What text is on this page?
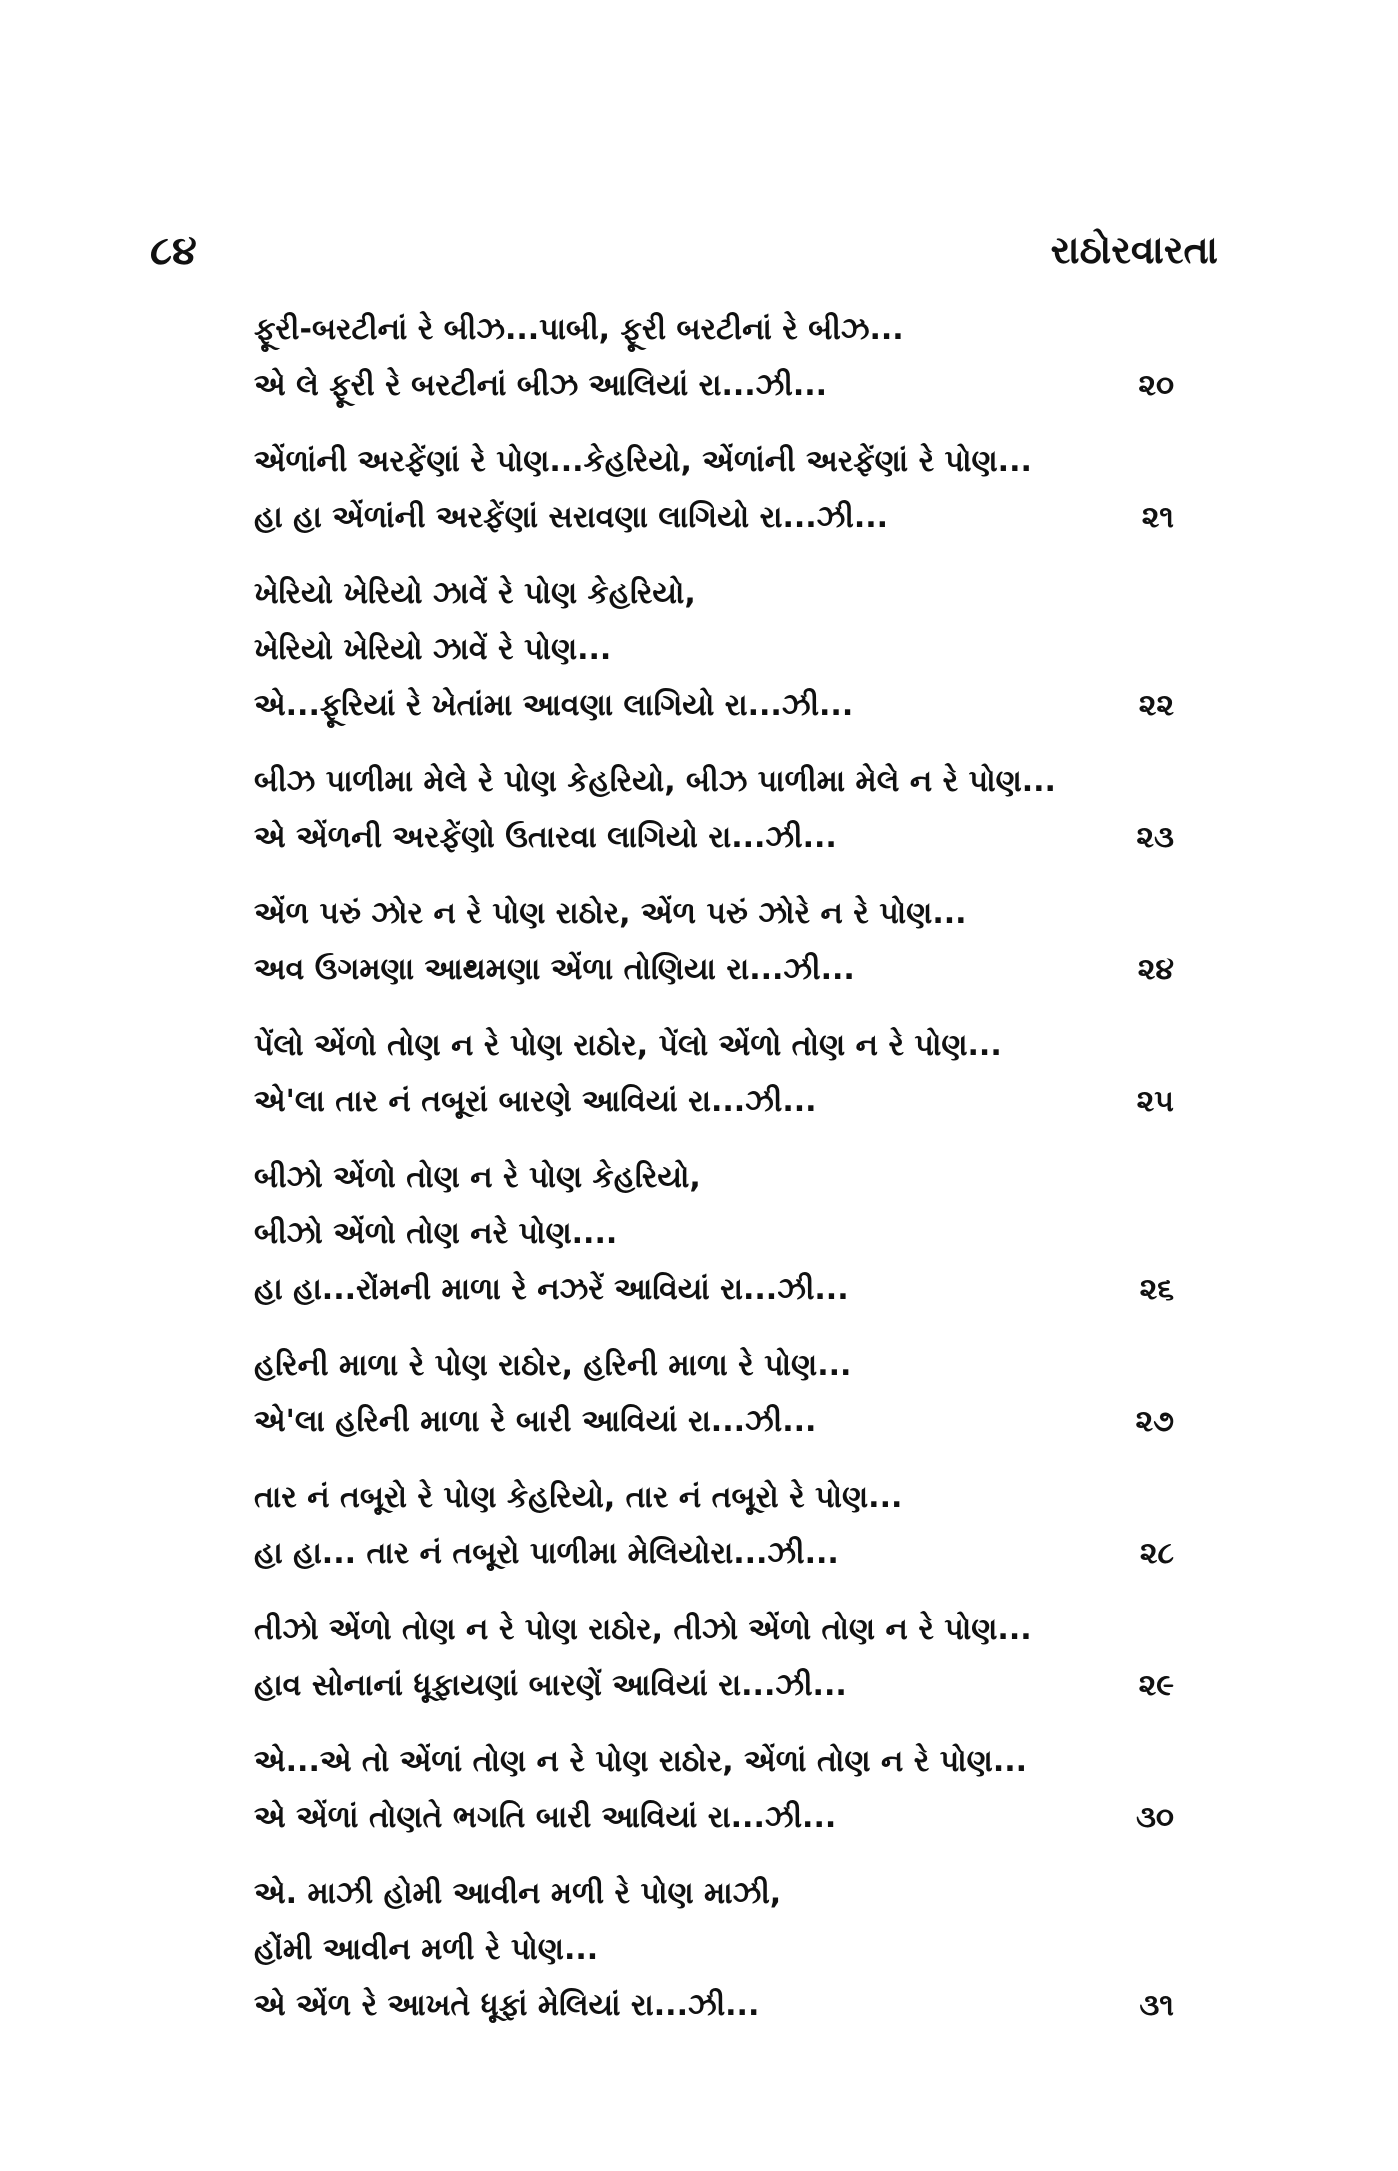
૮૪	રાઠોરવારતા
ફૂરી-બરટીનાં રે બીઝ...પાબી, ફૂરી બરટીનાં રે બીઝ...
એ લે ફૂરી રે બરટીનાં બીઝ આલિયાં રા...ઝી...	૨૦
એંળાંની અરફેંણાં રે પોણ...કેહરિયો, એંળાંની અરફેંણાં રે પોણ...
હા હા એંળાંની અરફેંણાં સરાવણા લાગિયો રા...ઝી...	૨૧
ખેરિયો ખેરિયો ઝાવેં રે પોણ કેહરિયો,
ખેરિયો ખેરિયો ઝાવેં રે પોણ...
એ...ફૂરિયાં રે ખેતાંમા આવણા લાગિયો રા...ઝી...	૨૨
બીઝ પાળીમા મેલે રે પોણ કેહરિયો, બીઝ પાળીમા મેલે ન રે પોણ...
એ એંળની અરફેંણો ઉતારવા લાગિયો રા...ઝી...	૨૩
એંળ પરું ઝોર ન રે પોણ રાઠોર, એંળ પરું ઝોરે ન રે પોણ...
અવ ઉગમણા આથમણા એંળા તોણિયા રા...ઝી...	૨૪
પેંલો એંળો તોણ ન રે પોણ રાઠોર, પેંલો એંળો તોણ ન રે પોણ...
એ'લા તાર નં તબૂરાં બારણે આવિયાં રા...ઝી...	૨૫
બીઝો એંળો તોણ ન રે પોણ કેહરિયો,
બીઝો એંળો તોણ નરે પોણ....
હા હા...રોંમની માળા રે નઝરેં આવિયાં રા...ઝી...	૨૬
હરિની માળા રે પોણ રાઠોર, હરિની માળા રે પોણ...
એ'લા હરિની માળા રે બારી આવિયાં રા...ઝી...	૨૭
તાર નં તબૂરો રે પોણ કેહરિયો, તાર નં તબૂરો રે પોણ...
હા હા... તાર નં તબૂરો પાળીમા મેલિયોરા...ઝી...	૨૮
તીઝો એંળો તોણ ન રે પોણ રાઠોર, તીઝો એંળો તોણ ન રે પોણ...
હાવ સોનાનાં ધૂફાયણાં બારણેં આવિયાં રા...ઝી...	૨૯
એ...એ તો એંળાં તોણ ન રે પોણ રાઠોર, એંળાં તોણ ન રે પોણ...
એ એંળાં તોણતે ભગતિ બારી આવિયાં રા...ઝી...	૩૦
એ. માઝી હોમી આવીન મળી રે પોણ માઝી,
હોંમી આવીન મળી રે પોણ...
એ એંળ રે આખતે ધૂફાં મેલિયાં રા...ઝી...	૩૧
